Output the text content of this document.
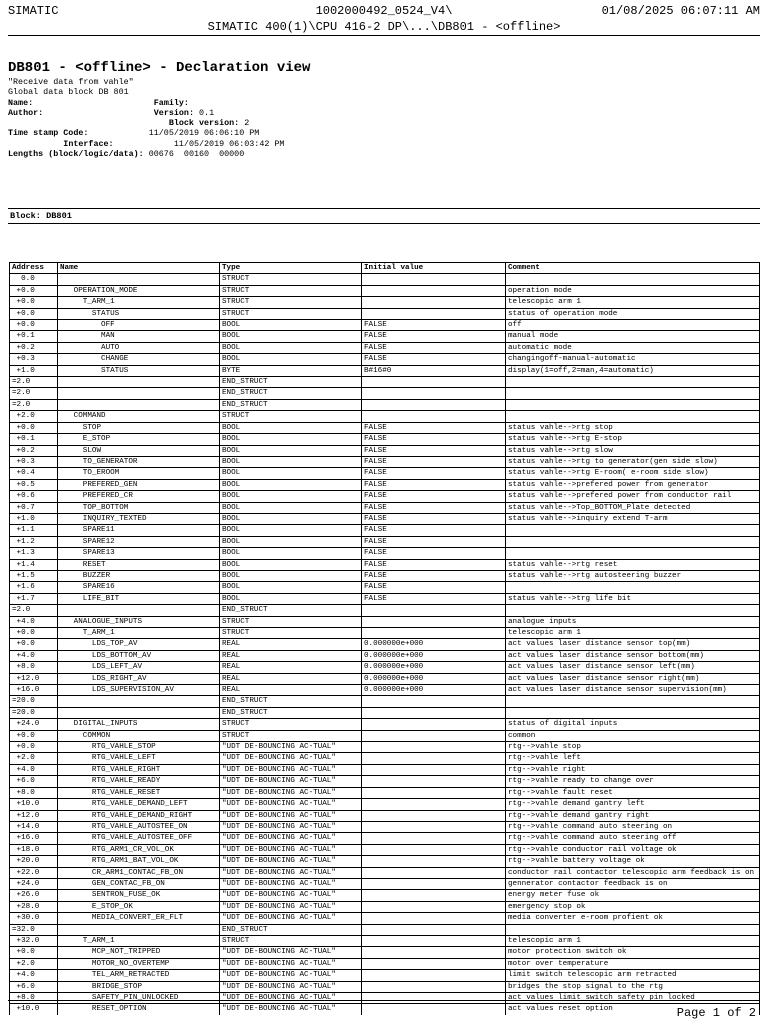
SIMATIC	1002000492_0524_V4\	01/08/2025 06:07:11 AM
SIMATIC 400(1)\CPU 416-2 DP\...\DB801 - <offline>
DB801 - <offline> - Declaration view
"Receive data from vahle"
Global data block DB 801
Name:	Family:
Author:	Version: 0.1
Block version: 2
Time stamp Code:	11/05/2019 06:06:10 PM
Interface:	11/05/2019 06:03:42 PM
Lengths (block/logic/data): 00676  00160  00000
Block: DB801
Address	Name	Type	Initial value	Comment
0.0		STRUCT		
+0.0	OPERATION_MODE	STRUCT		operation mode
+0.0	T_ARM_1	STRUCT		telescopic arm 1
+0.0	STATUS	STRUCT		status of operation mode
+0.0	OFF	BOOL	FALSE	off
+0.1	MAN	BOOL	FALSE	manual mode
+0.2	AUTO	BOOL	FALSE	automatic mode
+0.3	CHANGE	BOOL	FALSE	changingoff-manual-automatic
+1.0	STATUS	BYTE	B#16#0	display(1=off,2=man,4=automatic)
=2.0		END_STRUCT		
=2.0		END_STRUCT		
=2.0		END_STRUCT		
+2.0	COMMAND	STRUCT		
+0.0	STOP	BOOL	FALSE	status vahle-->rtg stop
+0.1	E_STOP	BOOL	FALSE	status vahle-->rtg E-stop
+0.2	SLOW	BOOL	FALSE	status vahle-->rtg slow
+0.3	TO_GENERATOR	BOOL	FALSE	status vahle-->rtg to generator(gen side slow)
+0.4	TO_EROOM	BOOL	FALSE	status vahle-->rtg E-room( e-room side slow)
+0.5	PREFERED_GEN	BOOL	FALSE	status vahle-->prefered power from generator
+0.6	PREFERED_CR	BOOL	FALSE	status vahle-->prefered power from conductor rail
+0.7	TOP_BOTTOM	BOOL	FALSE	status vahle-->Top_BOTTOM_Plate detected
+1.0	INQUIRY_TEXTED	BOOL	FALSE	status vahle-->inquiry extend T-arm
+1.1	SPARE11	BOOL	FALSE	
+1.2	SPARE12	BOOL	FALSE	
+1.3	SPARE13	BOOL	FALSE	
+1.4	RESET	BOOL	FALSE	status vahle-->rtg reset
+1.5	BUZZER	BOOL	FALSE	status vahle-->rtg autosteering buzzer
+1.6	SPARE16	BOOL	FALSE	
+1.7	LIFE_BIT	BOOL	FALSE	status vahle-->trg life bit
=2.0		END_STRUCT		
+4.0	ANALOGUE_INPUTS	STRUCT		analogue inputs
+0.0	T_ARM_1	STRUCT		telescopic arm 1
+0.0	LDS_TOP_AV	REAL	0.000000e+000	act values laser distance sensor top(mm)
+4.0	LDS_BOTTOM_AV	REAL	0.000000e+000	act values laser distance sensor bottom(mm)
+8.0	LDS_LEFT_AV	REAL	0.000000e+000	act values laser distance sensor left(mm)
+12.0	LDS_RIGHT_AV	REAL	0.000000e+000	act values laser distance sensor right(mm)
+16.0	LDS_SUPERVISION_AV	REAL	0.000000e+000	act values laser distance sensor supervision(mm)
=20.0		END_STRUCT		
=20.0		END_STRUCT		
+24.0	DIGITAL_INPUTS	STRUCT		status of digital inputs
+0.0	COMMON	STRUCT		common
+0.0	RTG_VAHLE_STOP	"UDT DE-BOUNCING AC-TUAL"		rtg-->vahle stop
+2.0	RTG_VAHLE_LEFT	"UDT DE-BOUNCING AC-TUAL"		rtg-->vahle left
+4.0	RTG_VAHLE_RIGHT	"UDT DE-BOUNCING AC-TUAL"		rtg-->vahle right
+6.0	RTG_VAHLE_READY	"UDT DE-BOUNCING AC-TUAL"		rtg-->vahle ready to change over
+8.0	RTG_VAHLE_RESET	"UDT DE-BOUNCING AC-TUAL"		rtg-->vahle fault reset
+10.0	RTG_VAHLE_DEMAND_LEFT	"UDT DE-BOUNCING AC-TUAL"		rtg-->vahle demand gantry left
+12.0	RTG_VAHLE_DEMAND_RIGHT	"UDT DE-BOUNCING AC-TUAL"		rtg-->vahle demand gantry right
+14.0	RTG_VAHLE_AUTOSTEE_ON	"UDT DE-BOUNCING AC-TUAL"		rtg-->vahle command auto steering on
+16.0	RTG_VAHLE_AUTOSTEE_OFF	"UDT DE-BOUNCING AC-TUAL"		rtg-->vahle command auto steering off
+18.0	RTG_ARM1_CR_VOL_OK	"UDT DE-BOUNCING AC-TUAL"		rtg-->vahle conductor rail voltage ok
+20.0	RTG_ARM1_BAT_VOL_OK	"UDT DE-BOUNCING AC-TUAL"		rtg-->vahle battery voltage ok
+22.0	CR_ARM1_CONTAC_FB_ON	"UDT DE-BOUNCING AC-TUAL"		conductor rail contactor telescopic arm feedback is on
+24.0	GEN_CONTAC_FB_ON	"UDT DE-BOUNCING AC-TUAL"		gennerator contactor feedback is on
+26.0	SENTRON_FUSE_OK	"UDT DE-BOUNCING AC-TUAL"		energy meter fuse ok
+28.0	E_STOP_OK	"UDT DE-BOUNCING AC-TUAL"		emergency stop ok
+30.0	MEDIA_CONVERT_ER_FLT	"UDT DE-BOUNCING AC-TUAL"		media converter e-room profient ok
=32.0		END_STRUCT		
+32.0	T_ARM_1	STRUCT		telescopic arm 1
+0.0	MCP_NOT_TRIPPED	"UDT DE-BOUNCING AC-TUAL"		motor protection switch ok
+2.0	MOTOR_NO_OVERTEMP	"UDT DE-BOUNCING AC-TUAL"		motor over temperature
+4.0	TEL_ARM_RETRACTED	"UDT DE-BOUNCING AC-TUAL"		limit switch telescopic arm retracted
+6.0	BRIDGE_STOP	"UDT DE-BOUNCING AC-TUAL"		bridges the stop signal to the rtg
+8.0	SAFETY_PIN_UNLOCKED	"UDT DE-BOUNCING AC-TUAL"		act values limit switch safety pin locked
+10.0	RESET_OPTION	"UDT DE-BOUNCING AC-TUAL"		act values reset option	Page 1 of 2
